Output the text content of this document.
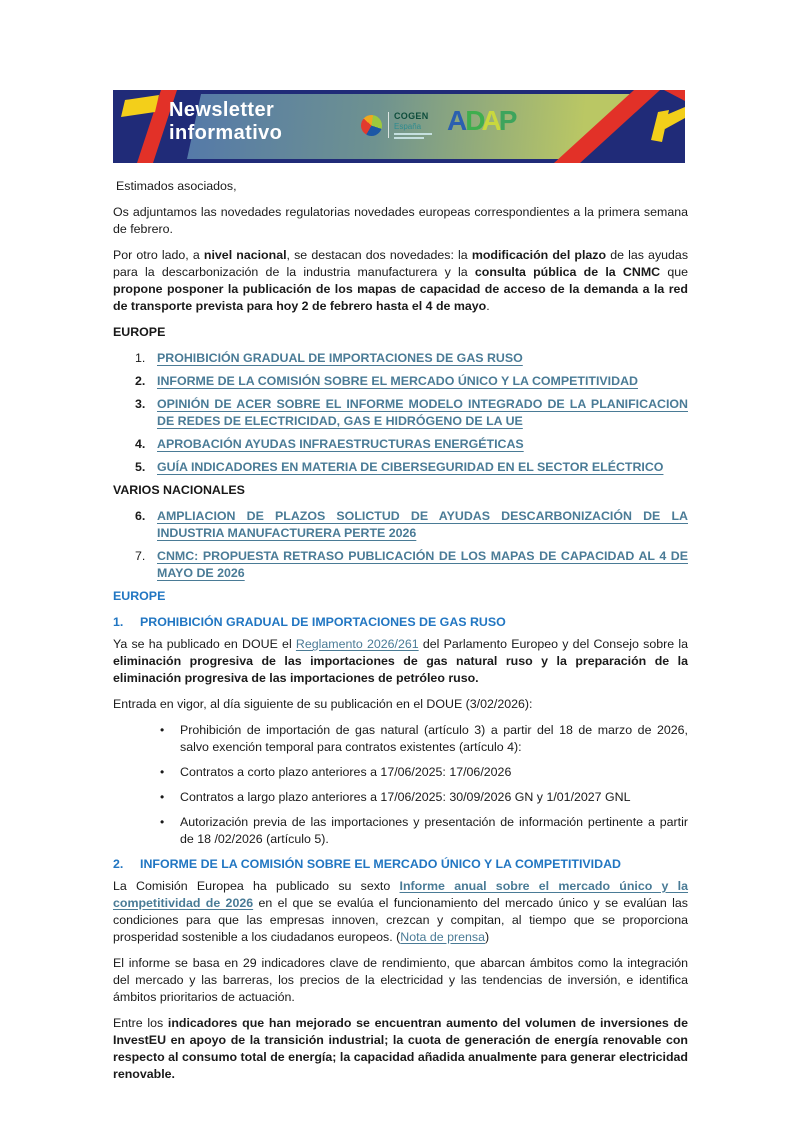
Newsletter
informativo
COGEN
España ADAP

Estimados asociados,

Os adjuntamos las novedades regulatorias novedades europeas correspondientes a la primera semana de febrero.

Por otro lado, a nivel nacional, se destacan dos novedades: la modificación del plazo de las ayudas para la descarbonización de la industria manufacturera y la consulta pública de la CNMC que propone posponer la publicación de los mapas de capacidad de acceso de la demanda a la red de transporte prevista para hoy 2 de febrero hasta el 4 de mayo.

EUROPE

1. PROHIBICIÓN GRADUAL DE IMPORTACIONES DE GAS RUSO
2. INFORME DE LA COMISIÓN SOBRE EL MERCADO ÚNICO Y LA COMPETITIVIDAD
3. OPINIÓN DE ACER SOBRE EL INFORME MODELO INTEGRADO DE LA PLANIFICACION DE REDES DE ELECTRICIDAD, GAS E HIDRÓGENO DE LA UE
4. APROBACIÓN AYUDAS INFRAESTRUCTURAS ENERGÉTICAS
5. GUÍA INDICADORES EN MATERIA DE CIBERSEGURIDAD EN EL SECTOR ELÉCTRICO

VARIOS NACIONALES

6. AMPLIACION DE PLAZOS SOLICTUD DE AYUDAS DESCARBONIZACIÓN DE LA INDUSTRIA MANUFACTURERA PERTE 2026
7. CNMC: PROPUESTA RETRASO PUBLICACIÓN DE LOS MAPAS DE CAPACIDAD AL 4 DE MAYO DE 2026

EUROPE

1.	PROHIBICIÓN GRADUAL DE IMPORTACIONES DE GAS RUSO

Ya se ha publicado en DOUE el Reglamento 2026/261 del Parlamento Europeo y del Consejo sobre la eliminación progresiva de las importaciones de gas natural ruso y la preparación de la eliminación progresiva de las importaciones de petróleo ruso.

Entrada en vigor, al día siguiente de su publicación en el DOUE (3/02/2026):

•	Prohibición de importación de gas natural (artículo 3) a partir del 18 de marzo de 2026, salvo exención temporal para contratos existentes (artículo 4):
•	Contratos a corto plazo anteriores a 17/06/2025: 17/06/2026
•	Contratos a largo plazo anteriores a 17/06/2025: 30/09/2026 GN y 1/01/2027 GNL
•	Autorización previa de las importaciones y presentación de información pertinente a partir de 18 /02/2026 (artículo 5).
2.	INFORME DE LA COMISIÓN SOBRE EL MERCADO ÚNICO Y LA COMPETITIVIDAD

La Comisión Europea ha publicado su sexto Informe anual sobre el mercado único y la competitividad de 2026 en el que se evalúa el funcionamiento del mercado único y se evalúan las condiciones para que las empresas innoven, crezcan y compitan, al tiempo que se proporciona prosperidad sostenible a los ciudadanos europeos. (Nota de prensa)

El informe se basa en 29 indicadores clave de rendimiento, que abarcan ámbitos como la integración del mercado y las barreras, los precios de la electricidad y las tendencias de inversión, e identifica ámbitos prioritarios de actuación.

Entre los indicadores que han mejorado se encuentran aumento del volumen de inversiones de InvestEU en apoyo de la transición industrial; la cuota de generación de energía renovable con respecto al consumo total de energía; la capacidad añadida anualmente para generar electricidad renovable.
